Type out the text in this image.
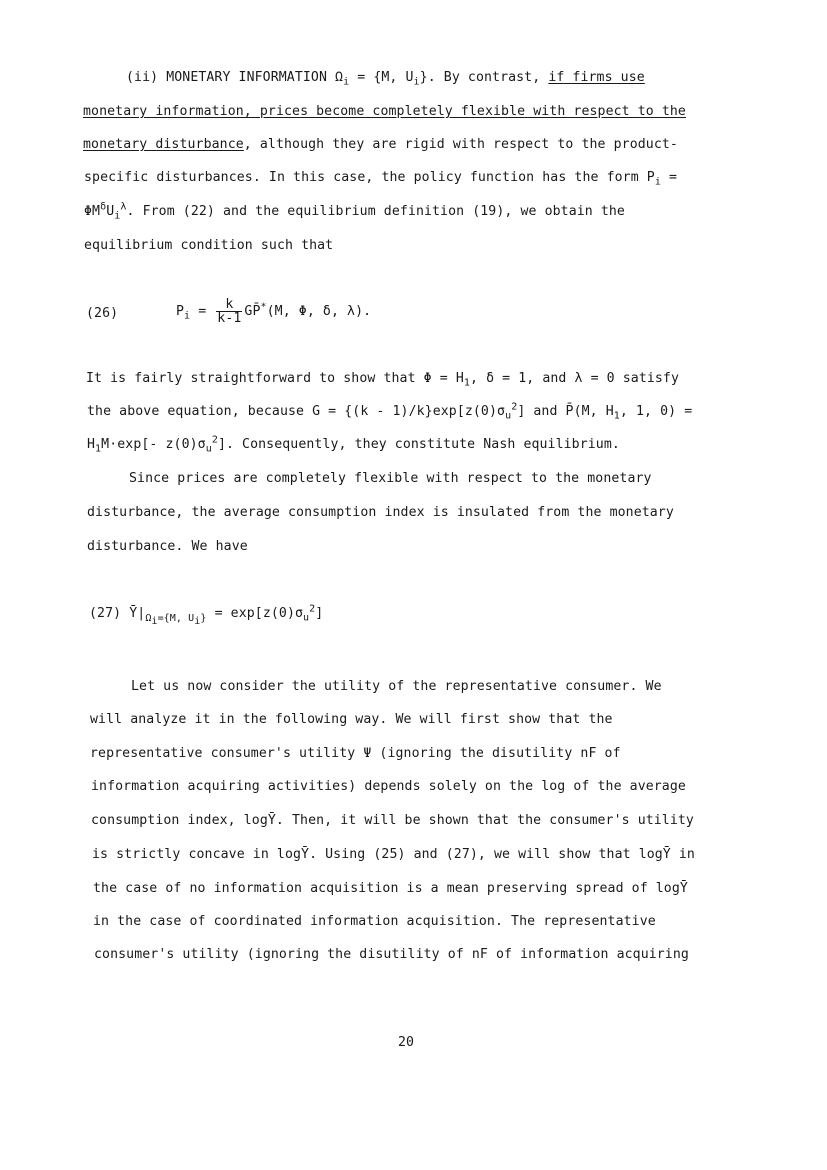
(ii) MONETARY INFORMATION $\Omega_i = \{M$, $U_i$}. By contrast, if firms use
monetary information, prices become completely flexible with respect to the
monetary disturbance, although they are rigid with respect to the product-
specific disturbances. In this case, the policy function has the form $P_i$ =
$\Phi M^\delta U_i^\lambda$. From (22) and the equilibrium definition (19), we obtain the
equilibrium condition such that
(26)	$P_i = \frac{k}{k-1}$ GP̄*(M, Φ, δ, λ).
It is fairly straightforward to show that $\Phi = H_1$, δ = 1, and λ = 0 satisfy
the above equation, because $G = \{(k - 1)/k\}\exp[z(0)\sigma_u^2]$ and P̄(M, $H_1$, 1, 0) =
$H_1M\cdot\exp[-$ $z(0)\sigma_u^2$]. Consequently, they constitute Nash equilibrium.
Since prices are completely flexible with respect to the monetary
disturbance, the average consumption index is insulated from the monetary
disturbance. We have
(27) $Ȳ|_{\Omega_i=\{M, U_i\}} = \exp[z(0)\sigma_u^2]$
Let us now consider the utility of the representative consumer. We
will analyze it in the following way. We will first show that the
representative consumer's utility Ψ (ignoring the disutility nF of
information acquiring activities) depends solely on the log of the average
consumption index, logȲ. Then, it will be shown that the consumer's utility
is strictly concave in logȲ. Using (25) and (27), we will show that logȲ in
the case of no information acquisition is a mean preserving spread of logȲ
in the case of coordinated information acquisition. The representative
consumer's utility (ignoring the disutility of nF of information acquiring
20
